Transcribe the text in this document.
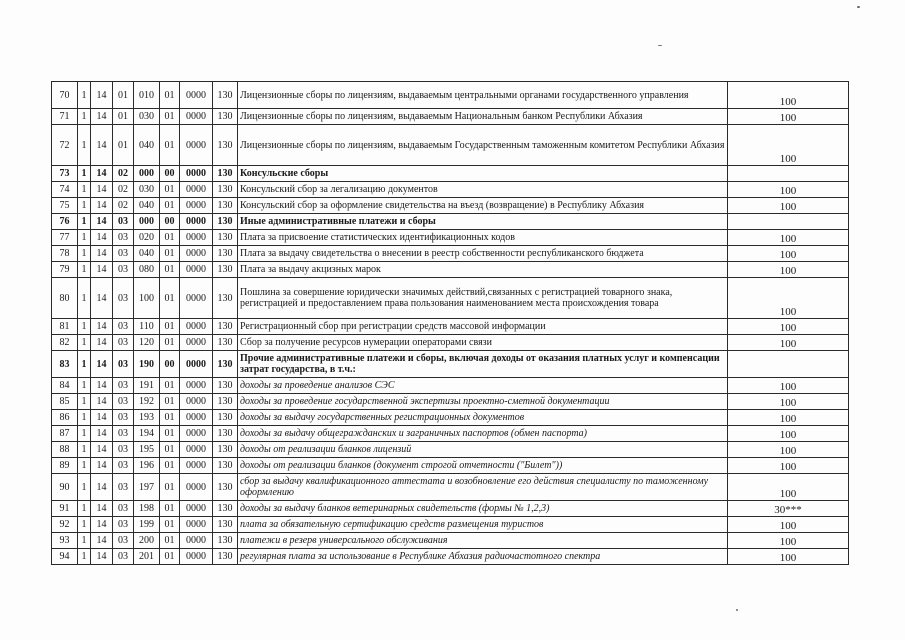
70	1	14	01	010	01	0000	130	Лицензионные сборы по лицензиям, выдаваемым центральными органами государственного управления	100
71	1	14	01	030	01	0000	130	Лицензионные сборы по лицензиям, выдаваемым Национальным банком Республики Абхазия	100
72	1	14	01	040	01	0000	130	Лицензионные сборы по лицензиям, выдаваемым Государственным таможенным комитетом Республики Абхазия	100
73	1	14	02	000	00	0000	130	Консульские сборы	
74	1	14	02	030	01	0000	130	Консульский сбор за легализацию документов	100
75	1	14	02	040	01	0000	130	Консульский сбор за оформление свидетельства на въезд (возвращение) в Республику Абхазия	100
76	1	14	03	000	00	0000	130	Иные административные платежи и сборы	
77	1	14	03	020	01	0000	130	Плата за присвоение статистических идентификационных кодов	100
78	1	14	03	040	01	0000	130	Плата за выдачу свидетельства о внесении в реестр собственности республиканского бюджета	100
79	1	14	03	080	01	0000	130	Плата за выдачу акцизных марок	100
80	1	14	03	100	01	0000	130	Пошлина за совершение юридически значимых действий,связанных с регистрацией товарного знака, регистрацией и предоставлением права пользования наименованием места происхождения товара	100
81	1	14	03	110	01	0000	130	Регистрационный сбор при регистрации средств массовой информации	100
82	1	14	03	120	01	0000	130	Сбор за получение ресурсов нумерации операторами связи	100
83	1	14	03	190	00	0000	130	Прочие административные платежи и сборы, включая доходы от оказания платных услуг и компенсации затрат государства, в т.ч.:	
84	1	14	03	191	01	0000	130	доходы за проведение анализов СЭС	100
85	1	14	03	192	01	0000	130	доходы за проведение государственной экспертизы проектно-сметной документации	100
86	1	14	03	193	01	0000	130	доходы за выдачу государственных регистрационных документов	100
87	1	14	03	194	01	0000	130	доходы за выдачу общегражданских и заграничных паспортов (обмен паспорта)	100
88	1	14	03	195	01	0000	130	доходы от реализации бланков лицензий	100
89	1	14	03	196	01	0000	130	доходы от реализации бланков (документ строгой отчетности ("Билет"))	100
90	1	14	03	197	01	0000	130	сбор за выдачу квалификационного аттестата и возобновление его действия специалисту по таможенному оформлению	100
91	1	14	03	198	01	0000	130	доходы за выдачу бланков ветеринарных свидетельств (формы № 1,2,3)	30***
92	1	14	03	199	01	0000	130	плата за обязательную сертификацию средств размещения туристов	100
93	1	14	03	200	01	0000	130	платежи в резерв универсального обслуживания	100
94	1	14	03	201	01	0000	130	регулярная плата за использование в Республике Абхазия радиочастотного спектра	100
